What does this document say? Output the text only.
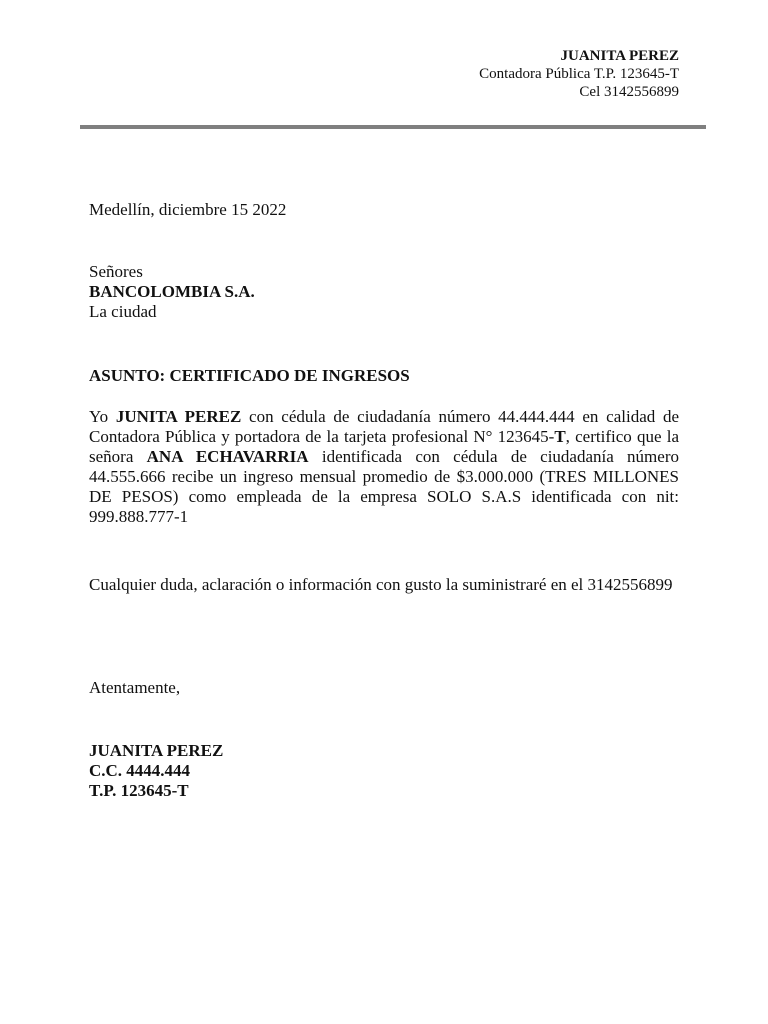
JUANITA PEREZ
Contadora Pública T.P. 123645-T
Cel 3142556899
Medellín, diciembre 15 2022
Señores
BANCOLOMBIA S.A.
La ciudad
ASUNTO: CERTIFICADO DE INGRESOS
Yo JUNITA PEREZ con cédula de ciudadanía número 44.444.444 en calidad de Contadora Pública y portadora de la tarjeta profesional N° 123645-T, certifico que la señora ANA ECHAVARRIA identificada con cédula de ciudadanía número 44.555.666 recibe un ingreso mensual promedio de $3.000.000 (TRES MILLONES DE PESOS) como empleada de la empresa SOLO S.A.S identificada con nit: 999.888.777-1
Cualquier duda, aclaración o información con gusto la suministraré en el 3142556899
Atentamente,
JUANITA PEREZ
C.C. 4444.444
T.P. 123645-T
